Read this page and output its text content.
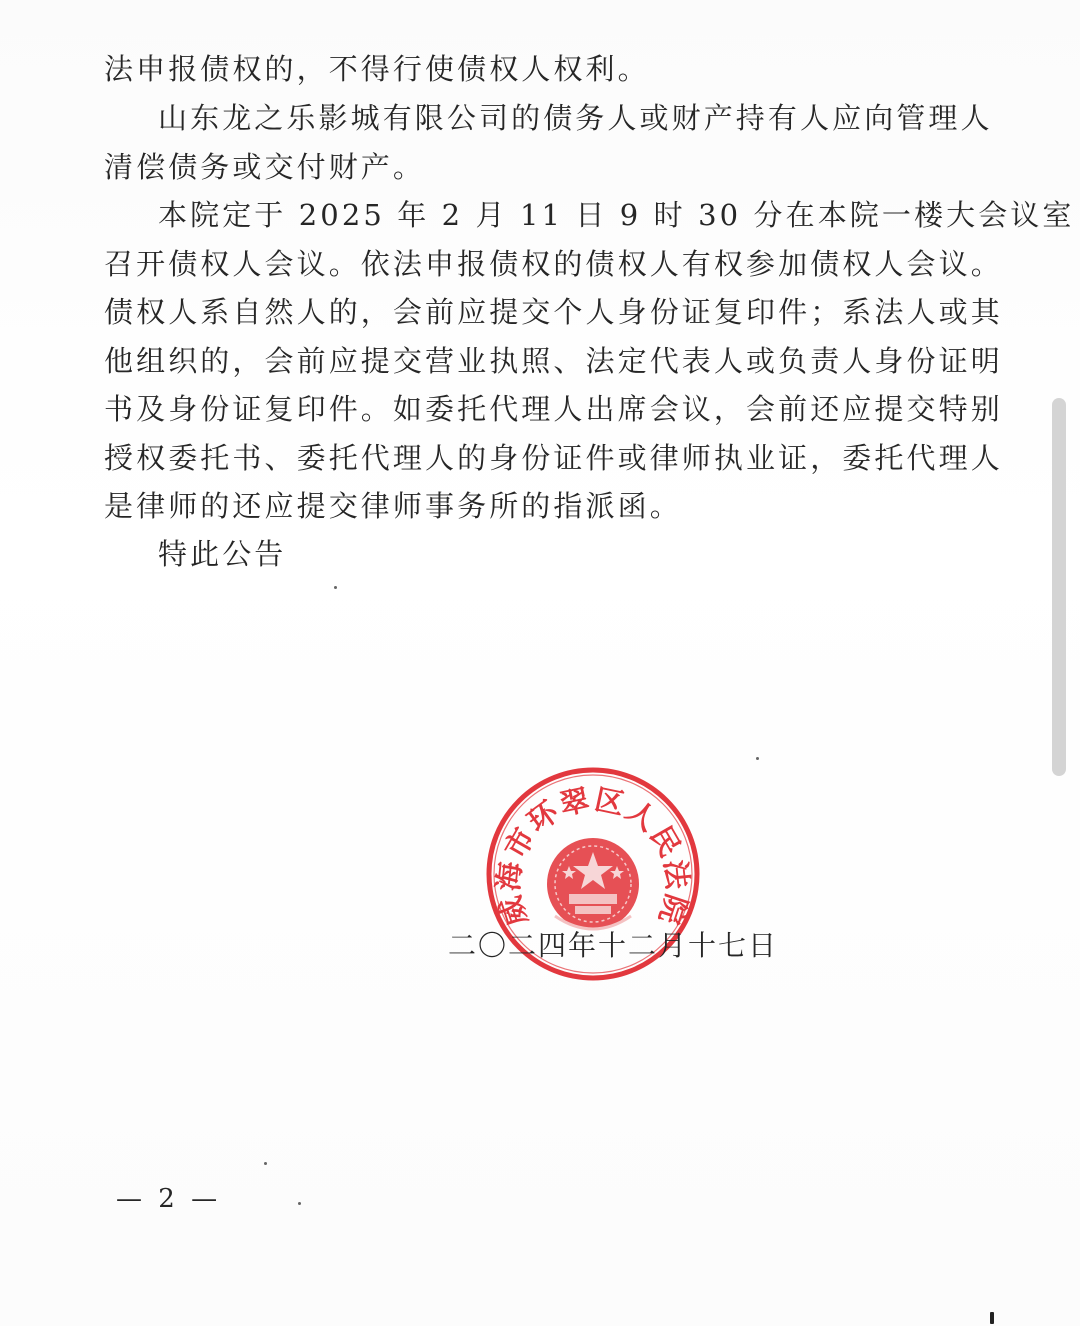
法申报债权的，不得行使债权人权利。
山东龙之乐影城有限公司的债务人或财产持有人应向管理人
清偿债务或交付财产。
本院定于 2025 年 2 月 11 日 9 时 30 分在本院一楼大会议室
召开债权人会议。依法申报债权的债权人有权参加债权人会议。
债权人系自然人的，会前应提交个人身份证复印件；系法人或其
他组织的，会前应提交营业执照、法定代表人或负责人身份证明
书及身份证复印件。如委托代理人出席会议，会前还应提交特别
授权委托书、委托代理人的身份证件或律师执业证，委托代理人
是律师的还应提交律师事务所的指派函。
特此公告
威海市环翠区人民法院
二〇二四年十二月十七日
— 2 —
